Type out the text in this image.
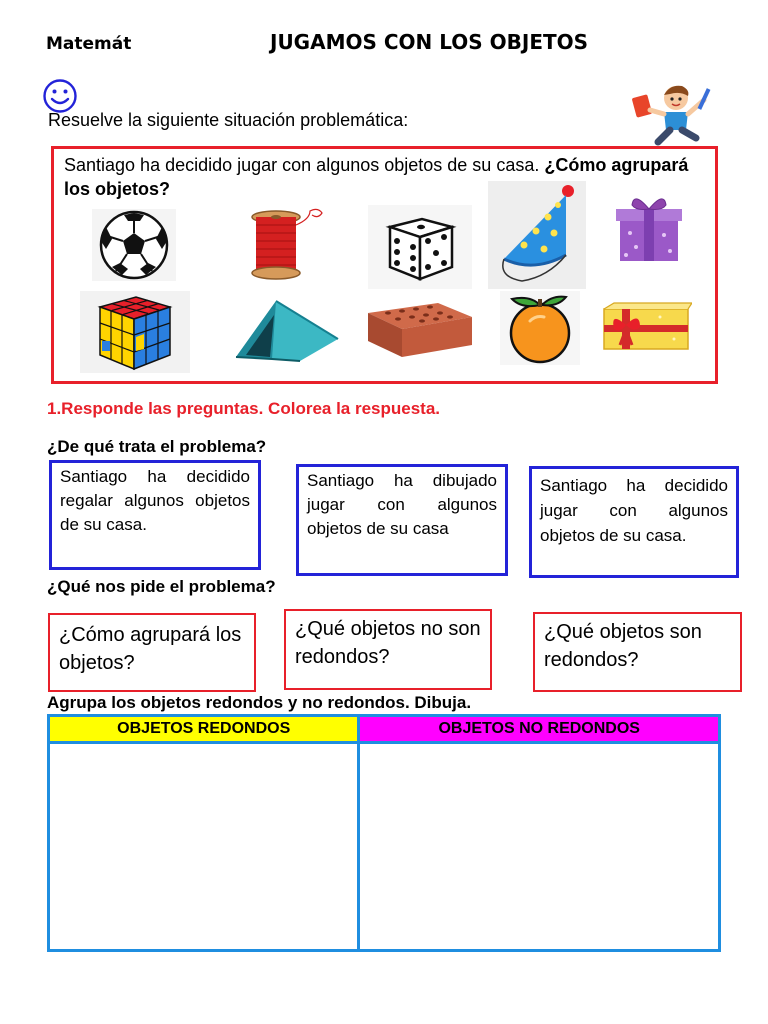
Matemát	JUGAMOS CON LOS OBJETOS
Resuelve la siguiente situación problemática:
Santiago ha decidido jugar con algunos objetos de su casa. ¿Cómo agrupará los objetos?
1.Responde las preguntas. Colorea la respuesta.
¿De qué trata el problema?
Santiago ha decidido regalar algunos objetos de su casa.
Santiago ha dibujado jugar con algunos objetos de su casa
Santiago ha decidido jugar con algunos objetos de su casa.
¿Qué nos pide el problema?
¿Cómo agrupará los objetos?
¿Qué objetos no son redondos?
¿Qué objetos son redondos?
Agrupa los objetos redondos y no redondos. Dibuja.
OBJETOS REDONDOS	OBJETOS NO REDONDOS
